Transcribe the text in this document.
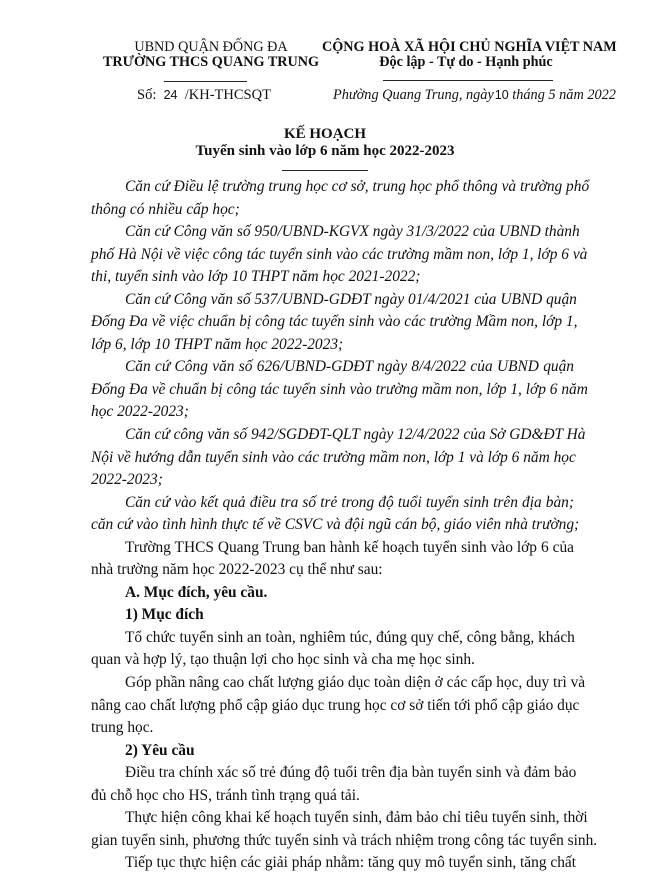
UBND QUẬN ĐỐNG ĐA
TRƯỜNG THCS QUANG TRUNG
Số: 24 /KH-THCSQT
CỘNG HOÀ XÃ HỘI CHỦ NGHĨA VIỆT NAM
Độc lập - Tự do - Hạnh phúc
Phường Quang Trung, ngày10 tháng 5 năm 2022
KẾ HOẠCH
Tuyển sinh vào lớp 6 năm học 2022-2023

Căn cứ Điều lệ trường trung học cơ sở, trung học phổ thông và trường phổ
thông có nhiều cấp học;

Căn cứ Công văn số 950/UBND-KGVX ngày 31/3/2022 của UBND thành
phố Hà Nội về việc công tác tuyển sinh vào các trường mầm non, lớp 1, lớp 6 và
thi, tuyển sinh vào lớp 10 THPT năm học 2021-2022;

Căn cứ Công văn số 537/UBND-GDĐT ngày 01/4/2021 của UBND quận
Đống Đa về việc chuẩn bị công tác tuyển sinh vào các trường Mầm non, lớp 1,
lớp 6, lớp 10 THPT năm học 2022-2023;

Căn cứ Công văn số 626/UBND-GDĐT ngày 8/4/2022 của UBND quận
Đống Đa về chuẩn bị công tác tuyển sinh vào trường mầm non, lớp 1, lớp 6 năm
học 2022-2023;

Căn cứ công văn số 942/SGDĐT-QLT ngày 12/4/2022 của Sở GD&ĐT Hà
Nội về hướng dẫn tuyển sinh vào các trường mầm non, lớp 1 và lớp 6 năm học
2022-2023;

Căn cứ vào kết quả điều tra số trẻ trong độ tuổi tuyển sinh trên địa bàn;
căn cứ vào tình hình thực tế về CSVC và đội ngũ cán bộ, giáo viên nhà trường;

Trường THCS Quang Trung ban hành kế hoạch tuyển sinh vào lớp 6 của
nhà trường năm học 2022-2023 cụ thể như sau:

A. Mục đích, yêu cầu.

1) Mục đích

Tổ chức tuyển sinh an toàn, nghiêm túc, đúng quy chế, công bằng, khách
quan và hợp lý, tạo thuận lợi cho học sinh và cha mẹ học sinh.

Góp phần nâng cao chất lượng giáo dục toàn diện ở các cấp học, duy trì và
nâng cao chất lượng phổ cập giáo dục trung học cơ sở tiến tới phổ cập giáo dục
trung học.

2) Yêu cầu

Điều tra chính xác số trẻ đúng độ tuổi trên địa bàn tuyển sinh và đảm bảo
đủ chỗ học cho HS, tránh tình trạng quá tải.

Thực hiện công khai kế hoạch tuyển sinh, đảm bảo chỉ tiêu tuyển sinh, thời
gian tuyển sinh, phương thức tuyển sinh và trách nhiệm trong công tác tuyển sinh.

Tiếp tục thực hiện các giải pháp nhằm: tăng quy mô tuyển sinh, tăng chất
